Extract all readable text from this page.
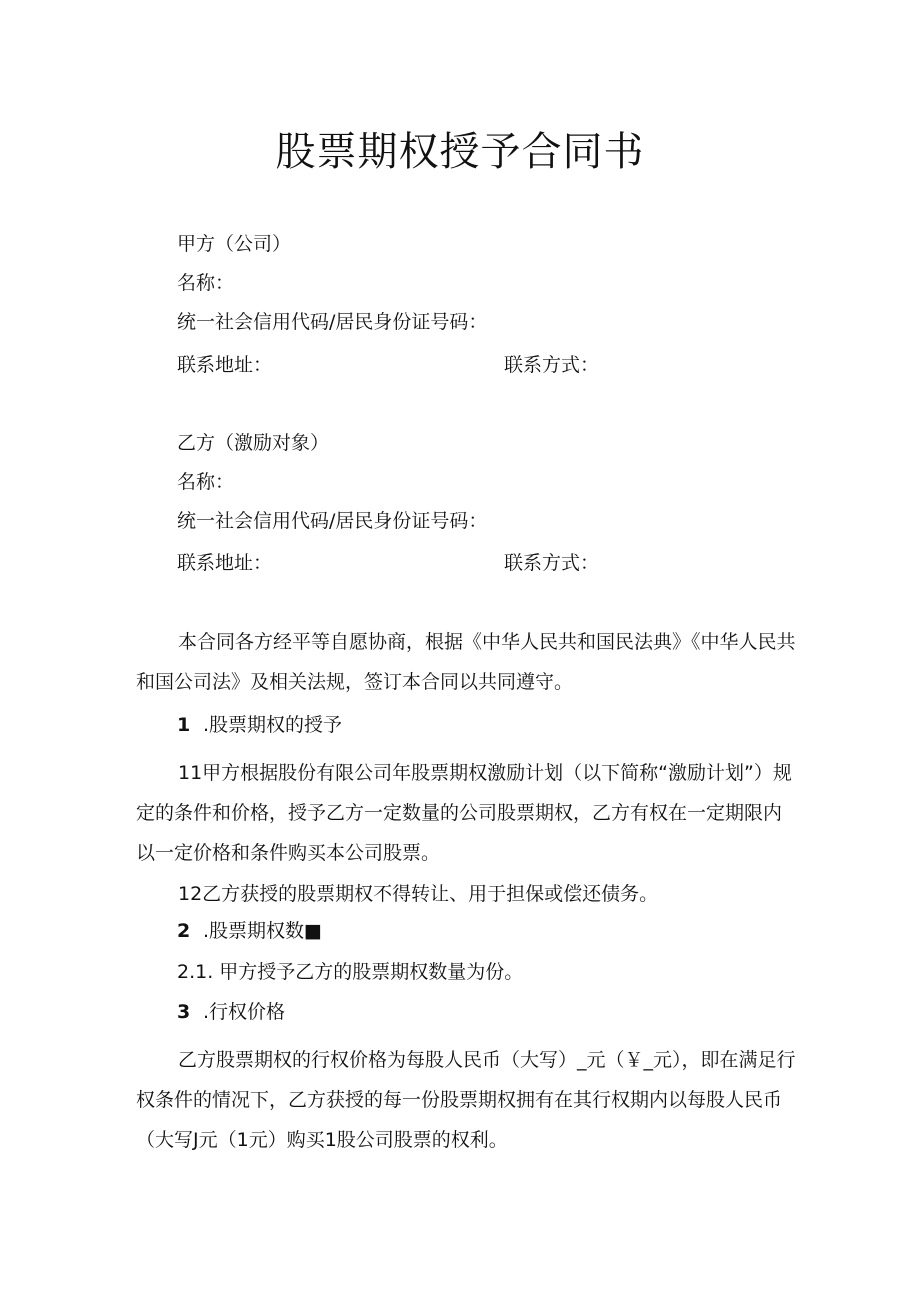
股票期权授予合同书
甲方（公司）
名称：
统一社会信用代码/居民身份证号码：
联系地址：	联系方式：
乙方（激励对象）
名称：
统一社会信用代码/居民身份证号码：
联系地址：	联系方式：

本合同各方经平等自愿协商，根据《中华人民共和国民法典》《中华人民共和国公司法》及相关法规，签订本合同以共同遵守。

1 .股票期权的授予

11甲方根据股份有限公司年股票期权激励计划（以下简称“激励计划”）规定的条件和价格，授予乙方一定数量的公司股票期权，乙方有权在一定期限内以一定价格和条件购买本公司股票。

12乙方获授的股票期权不得转让、用于担保或偿还债务。

2 .股票期权数■
2.1. 甲方授予乙方的股票期权数量为份。
3 .行权价格

乙方股票期权的行权价格为每股人民币（大写）_元（￥_元），即在满足行权条件的情况下，乙方获授的每一份股票期权拥有在其行权期内以每股人民币（大写J元（1元）购买1股公司股票的权利。
